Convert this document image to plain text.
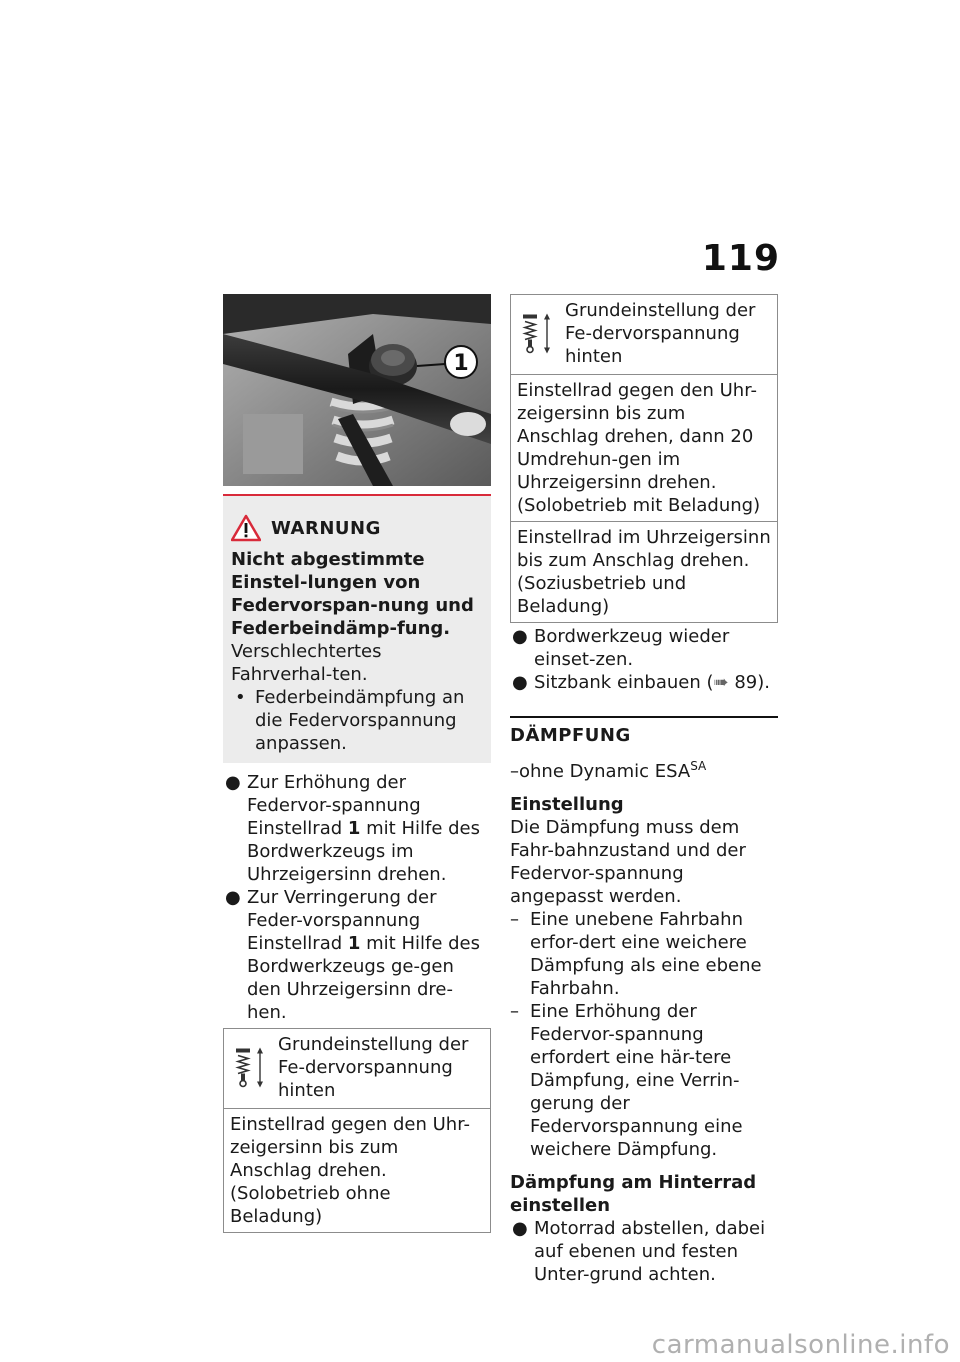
119
1
WARNUNG
Nicht abgestimmte Einstel-lungen von Federvorspan-nung und Federbeindämp-fung.

Verschlechtertes Fahrverhal-ten.

• Federbeindämpfung an die Federvorspannung anpassen.
● Zur Erhöhung der Federvor-spannung Einstellrad 1 mit Hilfe des Bordwerkzeugs im Uhrzeigersinn drehen.
● Zur Verringerung der Feder-vorspannung Einstellrad 1 mit Hilfe des Bordwerkzeugs ge-gen den Uhrzeigersinn dre-hen.
Grundeinstellung der Fe-dervorspannung hinten
Einstellrad gegen den Uhr-zeigersinn bis zum Anschlag drehen. (Solobetrieb ohne Beladung)
Grundeinstellung der Fe-dervorspannung hinten
Einstellrad gegen den Uhr-zeigersinn bis zum Anschlag drehen, dann 20 Umdrehun-gen im Uhrzeigersinn drehen. (Solobetrieb mit Beladung)
Einstellrad im Uhrzeigersinn bis zum Anschlag drehen. (Soziusbetrieb und Beladung)
● Bordwerkzeug wieder einset-zen.
● Sitzbank einbauen (➠ 89).
DÄMPFUNG
–ohne Dynamic $ESA^{SA}$
Einstellung
Die Dämpfung muss dem Fahr-bahnzustand und der Federvor-spannung angepasst werden.
– Eine unebene Fahrbahn erfor-dert eine weichere Dämpfung als eine ebene Fahrbahn.
– Eine Erhöhung der Federvor-spannung erfordert eine här-tere Dämpfung, eine Verrin-gerung der Federvorspannung eine weichere Dämpfung.
Dämpfung am Hinterrad einstellen
● Motorrad abstellen, dabei auf ebenen und festen Unter-grund achten.
carmanualsonline.info
